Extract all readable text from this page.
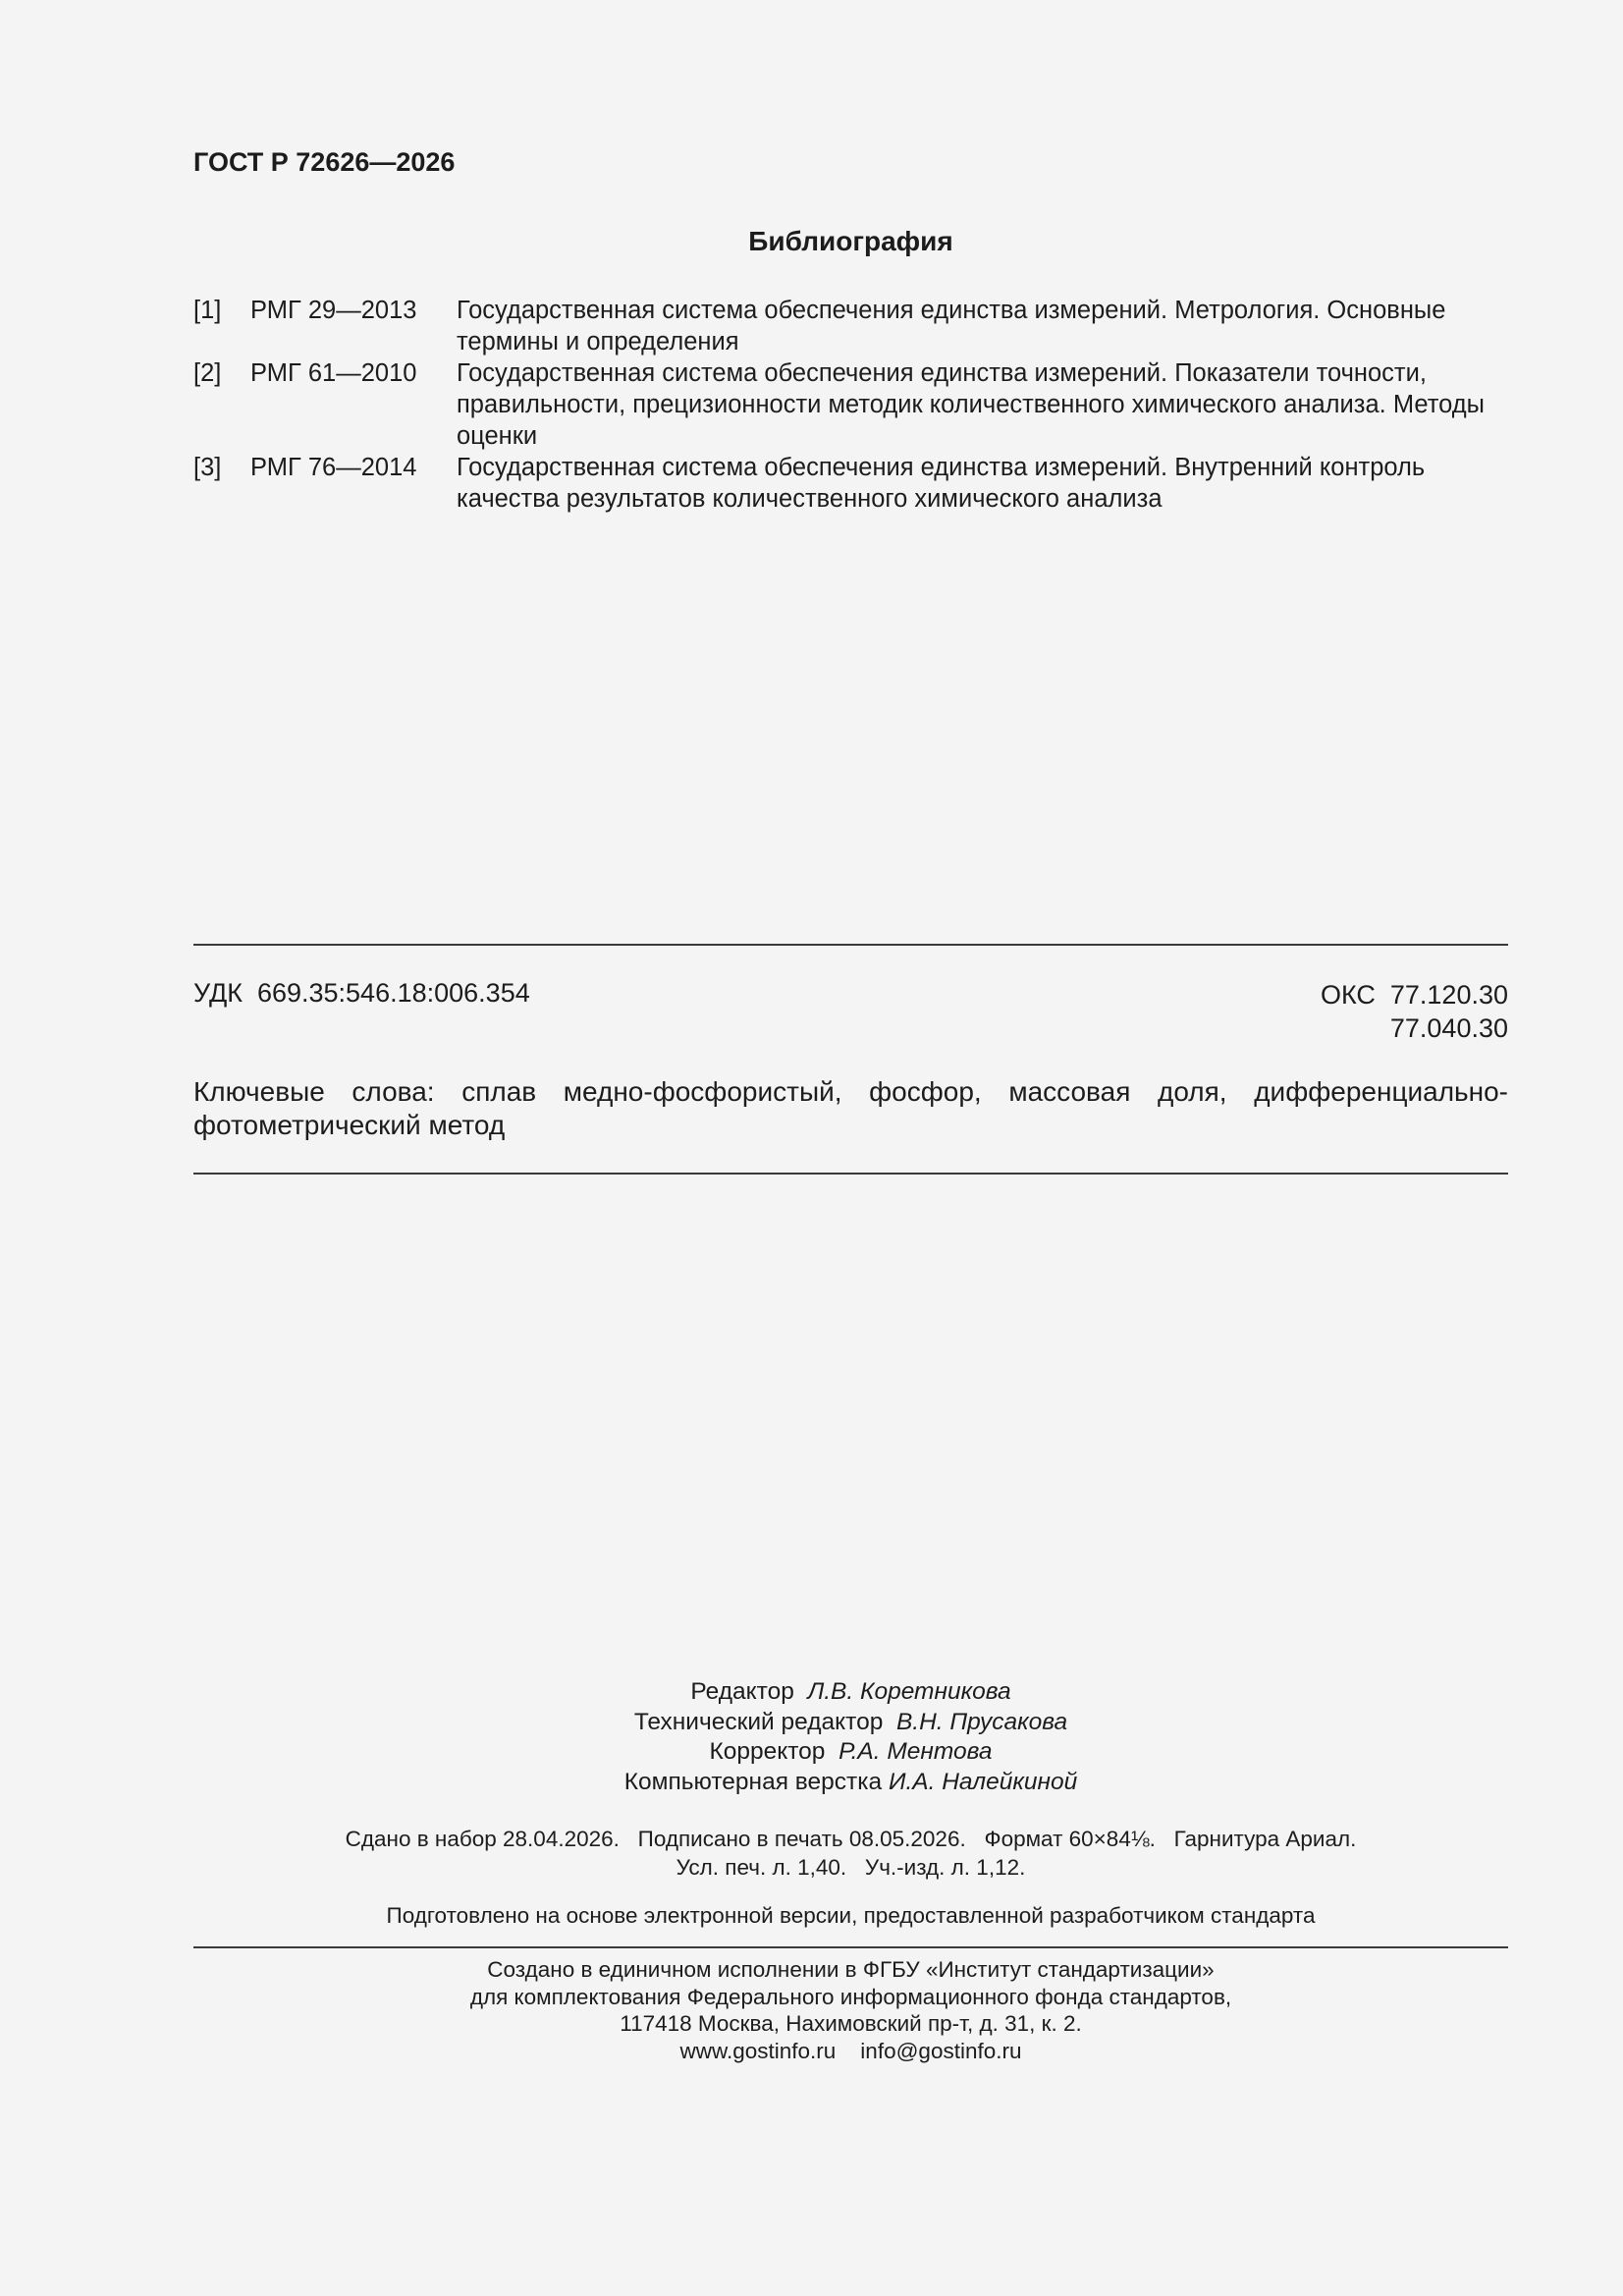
ГОСТ Р 72626—2026
Библиография
[1]	РМГ 29—2013	Государственная система обеспечения единства измерений. Метрология. Основные термины и определения
[2]	РМГ 61—2010	Государственная система обеспечения единства измерений. Показатели точности, правильности, прецизионности методик количественного химического анализа. Методы оценки
[3]	РМГ 76—2014	Государственная система обеспечения единства измерений. Внутренний контроль качества результатов количественного химического анализа
УДК  669.35:546.18:006.354	ОКС  77.120.30
77.040.30
Ключевые слова: сплав медно-фосфористый, фосфор, массовая доля, дифференциально-фотометрический метод
Редактор Л.В. Коретникова
Технический редактор В.Н. Прусакова
Корректор Р.А. Ментова
Компьютерная верстка И.А. Налейкиной
Сдано в набор 28.04.2026.   Подписано в печать 08.05.2026.   Формат 60×84⅛.   Гарнитура Ариал.
Усл. печ. л. 1,40.   Уч.-изд. л. 1,12.
Подготовлено на основе электронной версии, предоставленной разработчиком стандарта
Создано в единичном исполнении в ФГБУ «Институт стандартизации»
для комплектования Федерального информационного фонда стандартов,
117418 Москва, Нахимовский пр-т, д. 31, к. 2.
www.gostinfo.ru    info@gostinfo.ru
